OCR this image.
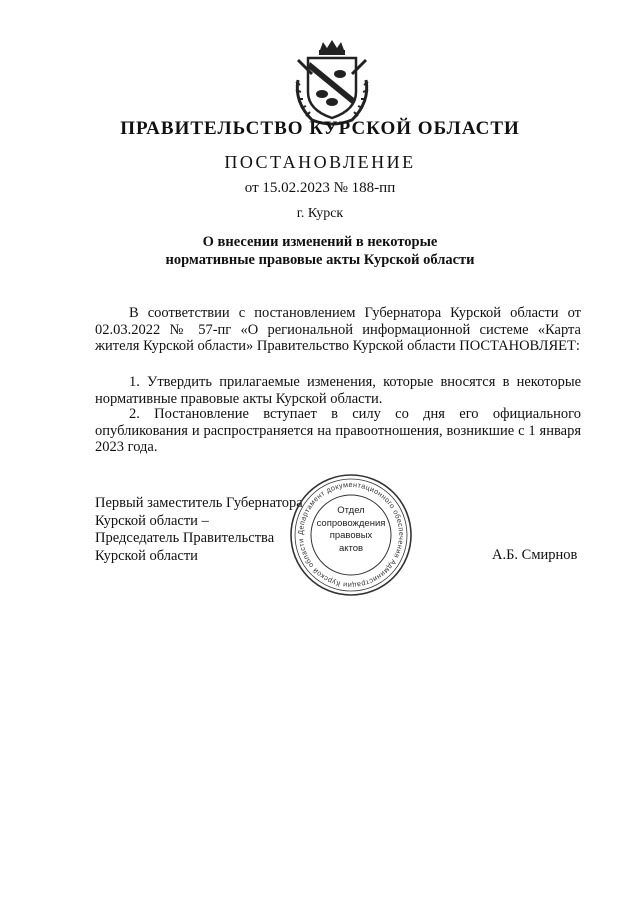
ПРАВИТЕЛЬСТВО КУРСКОЙ ОБЛАСТИ
ПОСТАНОВЛЕНИЕ
от 15.02.2023 № 188-пп
г. Курск
О внесении изменений в некоторые
нормативные правовые акты Курской области
В соответствии с постановлением Губернатора Курской области от 02.03.2022 № 57-пг «О региональной информационной системе «Карта жителя Курской области» Правительство Курской области ПОСТАНОВЛЯЕТ:
1. Утвердить прилагаемые изменения, которые вносятся в некоторые нормативные правовые акты Курской области.
2. Постановление вступает в силу со дня его официального опубликования и распространяется на правоотношения, возникшие с 1 января 2023 года.
Первый заместитель Губернатора
Курской области –
Председатель Правительства
Курской области
Департамент документационного обеспечения Администрации Курской области
Отдел
сопровождения
правовых
актов	А.Б. Смирнов
